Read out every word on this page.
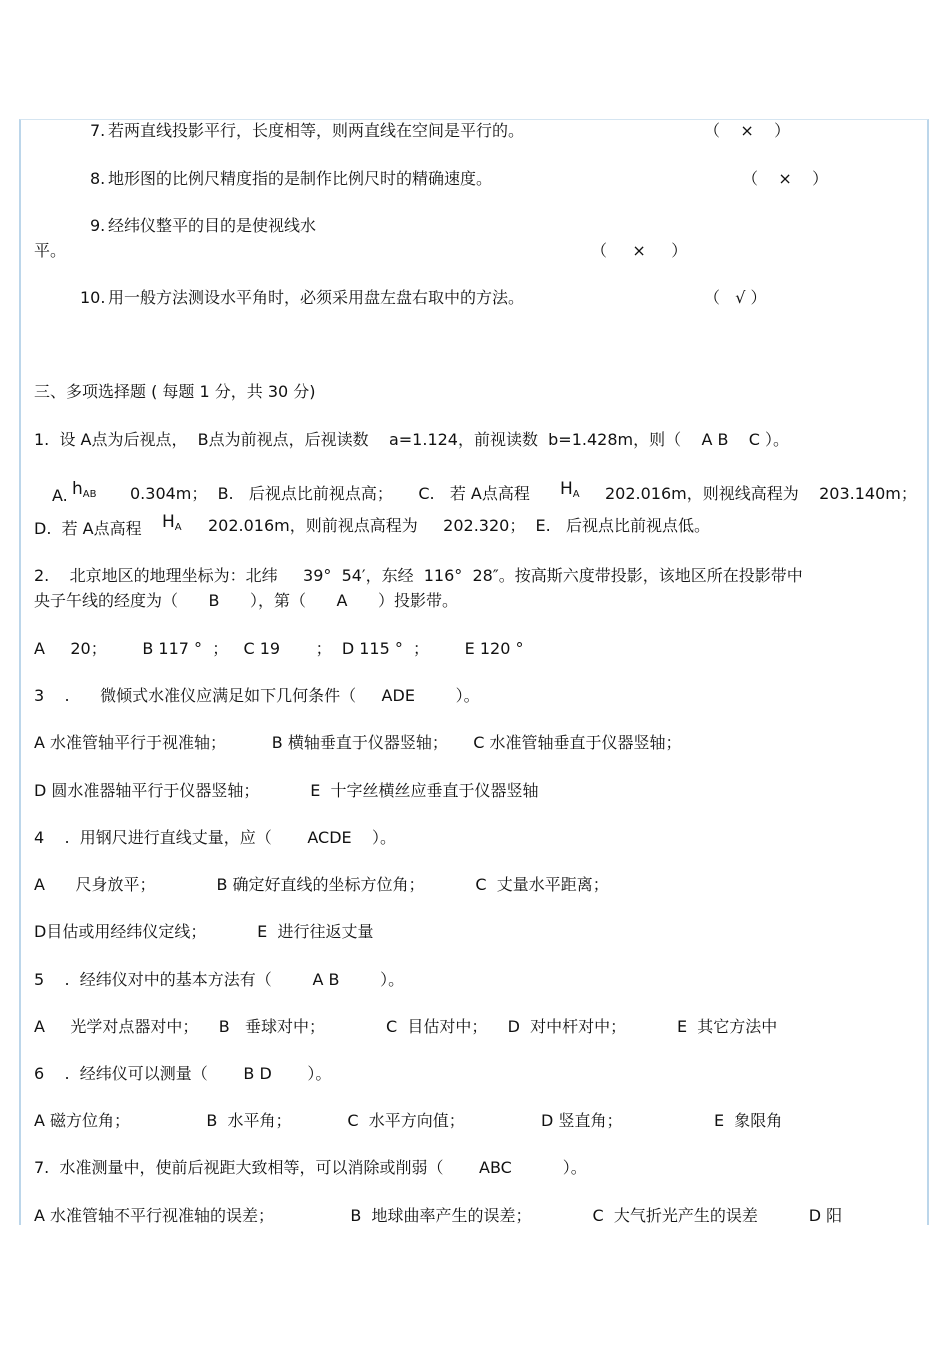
7. 若两直线投影平行，长度相等，则两直线在空间是平行的。	（    ×    ）
8. 地形图的比例尺精度指的是制作比例尺时的精确速度。	（    ×    ）
9. 经纬仪整平的目的是使视线水
平。	（     ×     ）
10. 用一般方法测设水平角时，必须采用盘左盘右取中的方法。	（   √ ）
三、多项选择题 ( 每题 1 分，共 30 分)
1.  设 A点为后视点，  B点为前视点，后视读数    a=1.124，前视读数  b=1.428m，则（    A B    C ）。
A. hAB 0.304m；  B.   后视点比前视点高；     C.   若 A点高程 HA 202.016m，则视线高程为    203.140m；
D.  若 A点高程 HA 202.016m，则前视点高程为     202.320；  E.   后视点比前视点低。
2.    北京地区的地理坐标为：北纬     39°  54′，东经  116°  28″。按高斯六度带投影，该地区所在投影带中
央子午线的经度为（      B      ），第（      A      ）投影带。
A     20；       B 117 °  ；   C 19       ；  D 115 °  ；       E 120 °
3    .      微倾式水准仪应满足如下几何条件（     ADE        ）。
A 水准管轴平行于视准轴；         B 横轴垂直于仪器竖轴；     C 水准管轴垂直于仪器竖轴；
D 圆水准器轴平行于仪器竖轴；          E  十字丝横丝应垂直于仪器竖轴
4    .  用钢尺进行直线丈量，应（       ACDE    ）。
A      尺身放平；            B 确定好直线的坐标方位角；          C  丈量水平距离；
D目估或用经纬仪定线；          E  进行往返丈量
5    .  经纬仪对中的基本方法有（        A B        ）。
A     光学对点器对中；    B   垂球对中；            C  目估对中；    D  对中杆对中；          E  其它方法中
6    .  经纬仪可以测量（       B D       ）。
A 磁方位角；               B  水平角；           C  水平方向值；               D 竖直角；                  E  象限角
7.  水准测量中，使前后视距大致相等，可以消除或削弱（       ABC          ）。
A 水准管轴不平行视准轴的误差；               B  地球曲率产生的误差；            C  大气折光产生的误差          D 阳
